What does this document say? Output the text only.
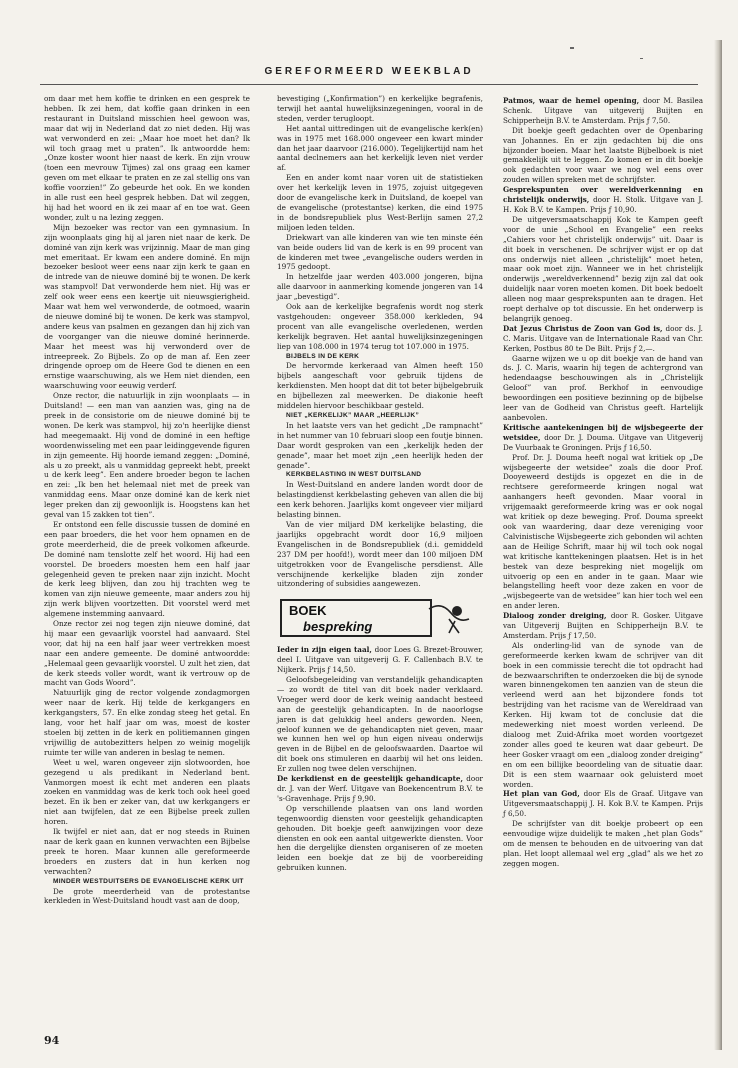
GEREFORMEERD WEEKBLAD

om daar met hem koffie te drinken en een gesprek te hebben. Ik zei hem, dat koffie gaan drinken in een restaurant in Duitsland misschien heel gewoon was, maar dat wij in Nederland dat zo niet deden. Hij was wat verwonderd en zei: „Maar hoe moet het dan? Ik wil toch graag met u praten”. Ik antwoordde hem: „Onze koster woont hier naast de kerk. En zijn vrouw (toen een mevrouw Tijmes) zal ons graag een kamer geven om met elkaar te praten en ze zal stellig ons van koffie voorzien!” Zo gebeurde het ook. En we konden in alle rust een heel gesprek hebben. Dat wil zeggen, hij had het woord en ik zei maar af en toe wat. Geen wonder, zult u na lezing zeggen.

Mijn bezoeker was rector van een gymnasium. In zijn woonplaats ging hij al jaren niet naar de kerk. De dominé van zijn kerk was vrijzinnig. Maar de man ging met emeritaat. Er kwam een andere dominé. En mijn bezoeker besloot weer eens naar zijn kerk te gaan en de intrede van de nieuwe dominé bij te wonen. De kerk was stampvol! Dat verwonderde hem niet. Hij was er zelf ook weer eens een keertje uit nieuwsgierigheid. Maar wat hem wel verwonderde, de ootmoed, waarin de nieuwe dominé bij te wonen. De kerk was stampvol, andere keus van psalmen en gezangen dan hij zich van de voorganger van die nieuwe dominé herinnerde. Maar het meest was hij verwonderd over de intreepreek. Zo Bijbels. Zo op de man af. Een zeer dringende oproep om de Heere God te dienen en een ernstige waarschuwing, als we Hem niet dienden, een waarschuwing voor eeuwig verderf.

Onze rector, die natuurlijk in zijn woonplaats — in Duitsland! — een man van aanzien was, ging na de preek in de consistorie om de nieuwe dominé bij te wonen. De kerk was stampvol, hij zo'n heerlijke dienst had meegemaakt. Hij vond de dominé in een heftige woordenwisseling met een paar leidinggevende figuren in zijn gemeente. Hij hoorde iemand zeggen: „Dominé, als u zo preekt, als u vanmiddag gepreekt hebt, preekt u de kerk leeg”. Een andere broeder begon te lachen en zei: „Ik ben het helemaal niet met de preek van vanmiddag eens. Maar onze dominé kan de kerk niet leger preken dan zij gewoonlijk is. Hoogstens kan het geval van 15 zakken tot tien”.

Er ontstond een felle discussie tussen de dominé en een paar broeders, die het voor hem opnamen en de grote meerderheid, die de preek volkomen afkeurde. De dominé nam tenslotte zelf het woord. Hij had een voorstel. De broeders moesten hem een half jaar gelegenheid geven te preken naar zijn inzicht. Mocht de kerk leeg blijven, dan zou hij trachten weg te komen van zijn nieuwe gemeente, maar anders zou hij zijn werk blijven voortzetten. Dit voorstel werd met algemene instemming aanvaard.

Onze rector zei nog tegen zijn nieuwe dominé, dat hij maar een gevaarlijk voorstel had aanvaard. Stel voor, dat hij na een half jaar weer vertrekken moest naar een andere gemeente. De dominé antwoordde: „Helemaal geen gevaarlijk voorstel. U zult het zien, dat de kerk steeds voller wordt, want ik vertrouw op de macht van Gods Woord”.

Natuurlijk ging de rector volgende zondagmorgen weer naar de kerk. Hij telde de kerkgangers en kerkgangsters, 57. En elke zondag steeg het getal. En lang, voor het half jaar om was, moest de koster stoelen bij zetten in de kerk en politiemannen gingen vrijwillig de autobezitters helpen zo weinig mogelijk ruimte ter wille van anderen in beslag te nemen.

Weet u wel, waren ongeveer zijn slotwoorden, hoe gezegend u als predikant in Nederland bent. Vanmorgen moest ik echt met anderen een plaats zoeken en vanmiddag was de kerk toch ook heel goed bezet. En ik ben er zeker van, dat uw kerkgangers er niet aan twijfelen, dat ze een Bijbelse preek zullen horen.

Ik twijfel er niet aan, dat er nog steeds in Ruinen naar de kerk gaan en kunnen verwachten een Bijbelse preek te horen. Maar kunnen alle gereformeerde broeders en zusters dat in hun kerken nog verwachten?

MINDER WESTDUITSERS DE EVANGELISCHE KERK UIT

De grote meerderheid van de protestantse kerkleden in West-Duitsland houdt vast aan de doop,

bevestiging („Konfirmation”) en kerkelijke begrafenis, terwijl het aantal huwelijksinzegeningen, vooral in de steden, verder terugloopt.

Het aantal uittredingen uit de evangelische kerk(en) was in 1975 met 168.000 ongeveer een kwart minder dan het jaar daarvoor (216.000). Tegelijkertijd nam het aantal declnemers aan het kerkelijk leven niet verder af.

Een en ander komt naar voren uit de statistieken over het kerkelijk leven in 1975, zojuist uitgegeven door de evangelische kerk in Duitsland, de koepel van de evangelische (protestantse) kerken, die eind 1975 in de bondsrepubliek plus West-Berlijn samen 27,2 miljoen leden telden.

Driekwart van alle kinderen van wie ten minste één van beide ouders lid van de kerk is en 99 procent van de kinderen met twee „evangelische ouders werden in 1975 gedoopt.

In hetzelfde jaar werden 403.000 jongeren, bijna alle daarvoor in aanmerking komende jongeren van 14 jaar „bevestigd”.

Ook aan de kerkelijke begrafenis wordt nog sterk vastgehouden: ongeveer 358.000 kerkleden, 94 procent van alle evangelische overledenen, werden kerkelijk begraven. Het aantal huwelijksinzegeningen liep van 108.000 in 1974 terug tot 107.000 in 1975.

BIJBELS IN DE KERK

De hervormde kerkeraad van Almen heeft 150 bijbels aangeschaft voor gebruik tijdens de kerkdiensten. Men hoopt dat dit tot beter bijbelgebruik en bijbellezen zal meewerken. De diakonie heeft middelen hiervoor beschikbaar gesteld.

NIET „KERKELIJK” MAAR „HEERLIJK”

In het laatste vers van het gedicht „De rampnacht” in het nummer van 10 februari sloop een foutje binnen. Daar wordt gesproken van een „kerkelijk heden der genade”, maar het moet zijn „een heerlijk heden der genade”.

KERKBELASTING IN WEST DUITSLAND

In West-Duitsland en andere landen wordt door de belastingdienst kerkbelasting geheven van allen die bij een kerk behoren. Jaarlijks komt ongeveer vier miljard belasting binnen.

Van de vier miljard DM kerkelijke belasting, die jaarlijks opgebracht wordt door 16,9 miljoen Evangelischen in de Bondsrepubliek (d.i. gemiddeld 237 DM per hoofd!), wordt meer dan 100 miljoen DM uitgetrokken voor de Evangelische persdienst. Alle verschijnende kerkelijke bladen zijn zonder uitzondering of subsidies aangewezen.

BOEK
bespreking

Ieder in zijn eigen taal, door Loes G. Brezet-Brouwer, deel I. Uitgave van uitgeverij G. F. Callenbach B.V. te Nijkerk. Prijs ƒ 14,50.

Geloofsbegeleiding van verstandelijk gehandicapten — zo wordt de titel van dit boek nader verklaard. Vroeger werd door de kerk weinig aandacht besteed aan de geestelijk gehandicapten. In de naoorlogse jaren is dat gelukkig heel anders geworden. Neen, geloof kunnen we de gehandicapten niet geven, maar we kunnen hen wel op hun eigen niveau onderwijs geven in de Bijbel en de geloofswaarden. Daartoe wil dit boek ons stimuleren en daarbij wil het ons leiden. Er zullen nog twee delen verschijnen.

De kerkdienst en de geestelijk gehandicapte, door dr. J. van der Werf. Uitgave van Boekencentrum B.V. te 's-Gravenhage. Prijs ƒ 9,90.

Op verschillende plaatsen van ons land worden tegenwoordig diensten voor geestelijk gehandicapten gehouden. Dit boekje geeft aanwijzingen voor deze diensten en ook een aantal uitgewerkte diensten. Voor hen die dergelijke diensten organiseren of ze moeten leiden een boekje dat ze bij de voorbereiding gebruiken kunnen.

Patmos, waar de hemel opening, door M. Basilea Schenk. Uitgave van uitgeverij Buijten en Schipperheijn B.V. te Amsterdam. Prijs ƒ 7,50.

Dit boekje geeft gedachten over de Openbaring van Johannes. En er zijn gedachten bij die ons bijzonder boeien. Maar het laatste Bijbelboek is niet gemakkelijk uit te leggen. Zo komen er in dit boekje ook gedachten voor waar we nog wel eens over zouden willen spreken met de schrijfster.

Gesprekspunten over wereldverkenning en christelijk onderwijs, door H. Stolk. Uitgave van J. H. Kok B.V. te Kampen. Prijs ƒ 10,90.

De uitgeversmaatschappij Kok te Kampen geeft voor de unie „School en Evangelie” een reeks „Cahiers voor het christelijk onderwijs” uit. Daar is dit boek in verschenen. De schrijver wijst er op dat ons onderwijs niet alleen „christelijk” moet heten, maar ook moet zijn. Wanneer we in het christelijk onderwijs „wereldverkennend” bezig zijn zal dat ook duidelijk naar voren moeten komen. Dit boek bedoelt alleen nog maar gesprekspunten aan te dragen. Het roept derhalve op tot discussie. En het onderwerp is belangrijk genoeg.

Dat Jezus Christus de Zoon van God is, door ds. J. C. Maris. Uitgave van de Internationale Raad van Chr. Kerken, Postbus 80 te De Bilt. Prijs ƒ 2,—.

Gaarne wijzen we u op dit boekje van de hand van ds. J. C. Maris, waarin hij tegen de achtergrond van hedendaagse beschouwingen als in „Christelijk Geloof” van prof. Berkhof in eenvoudige bewoordingen een positieve bezinning op de bijbelse leer van de Godheid van Christus geeft. Hartelijk aanbevolen.

Kritische aantekeningen bij de wijsbegeerte der wetsidee, door Dr. J. Douma. Uitgave van Uitgeverij De Vuurbaak te Groningen. Prijs ƒ 16,50.

Prof. Dr. J. Douma heeft nogal wat kritiek op „De wijsbegeerte der wetsidee” zoals die door Prof. Dooyeweerd destijds is opgezet en die in de rechtsere gereformeerde kringen nogal wat aanhangers heeft gevonden. Maar vooral in vrijgemaakt gereformeerde kring was er ook nogal wat kritiek op deze beweging. Prof. Douma spreekt ook van waardering, daar deze vereniging voor Calvinistische Wijsbegeerte zich gebonden wil achten aan de Heilige Schrift, maar hij wil toch ook nogal wat kritische kanttekeningen plaatsen. Het is in het bestek van deze bespreking niet mogelijk om uitvoerig op een en ander in te gaan. Maar wie belangstelling heeft voor deze zaken en voor de „wijsbegeerte van de wetsidee” kan hier toch wel een en ander leren.

Dialoog zonder dreiging, door R. Gosker. Uitgave van Uitgeverij Buijten en Schipperheijn B.V. te Amsterdam. Prijs ƒ 17,50.

Als onderling-lid van de synode van de gereformeerde kerken kwam de schrijver van dit boek in een commissie terecht die tot opdracht had de bezwaarschriften te onderzoeken die bij de synode waren binnengekomen ten aanzien van de steun die verleend werd aan het bijzondere fonds tot bestrijding van het racisme van de Wereldraad van Kerken. Hij kwam tot de conclusie dat die medewerking niet moest worden verleend. De dialoog met Zuid-Afrika moet worden voortgezet zonder alles goed te keuren wat daar gebeurt. De heer Gosker vraagt om een „dialoog zonder dreiging” en om een billijke beoordeling van de situatie daar. Dit is een stem waarnaar ook geluisterd moet worden.

Het plan van God, door Els de Graaf. Uitgave van Uitgeversmaatschappij J. H. Kok B.V. te Kampen. Prijs ƒ 6,50.

De schrijfster van dit boekje probeert op een eenvoudige wijze duidelijk te maken „het plan Gods” om de mensen te behouden en de uitvoering van dat plan. Het loopt allemaal wel erg „glad” als we het zo zeggen mogen.

94
